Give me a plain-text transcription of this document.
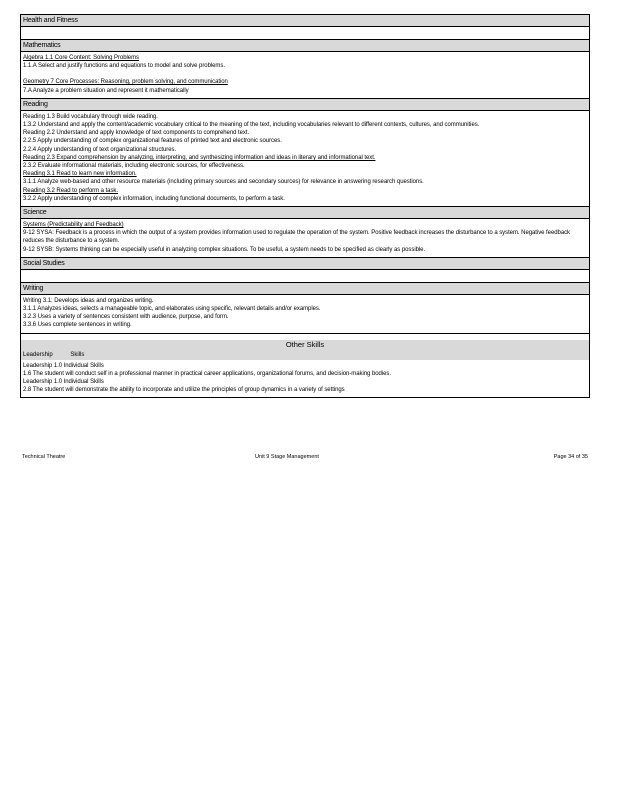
Health and Fitness
Mathematics
Algebra 1.1 Core Content: Solving Problems
1.1.A Select and justify functions and equations to model and solve problems.
Geometry 7 Core Processes: Reasoning, problem solving, and communication
7.A Analyze a problem situation and represent it mathematically
Reading
Reading 1.3 Build vocabulary through wide reading.
1.3.2 Understand and apply the content/academic vocabulary critical to the meaning of the text, including vocabularies relevant to different contexts, cultures, and communities.
Reading 2.2 Understand and apply knowledge of text components to comprehend text.
2.2.5 Apply understanding of complex organizational features of printed text and electronic sources.
2.2.4 Apply understanding of text organizational structures.
Reading 2.3 Expand comprehension by analyzing, interpreting, and synthesizing information and ideas in literary and informational text.
2.3.2 Evaluate informational materials, including electronic sources, for effectiveness.
Reading 3.1 Read to learn new information.
3.1.1 Analyze web-based and other resource materials (including primary sources and secondary sources) for relevance in answering research questions.
Reading 3.2 Read to perform a task.
3.2.2 Apply understanding of complex information, including functional documents, to perform a task.
Science
Systems (Predictability and Feedback)
9-12 SYSA: Feedback is a process in which the output of a system provides information used to regulate the operation of the system. Positive feedback increases the disturbance to a system. Negative feedback reduces the disturbance to a system.
9-12 SYSB: Systems thinking can be especially useful in analyzing complex situations. To be useful, a system needs to be specified as clearly as possible.
Social Studies
Writing
Writing 3.1: Develops ideas and organizes writing.
3.1.1 Analyzes ideas, selects a manageable topic, and elaborates using specific, relevant details and/or examples.
3.2.3 Uses a variety of sentences consistent with audience, purpose, and form.
3.3.6 Uses complete sentences in writing.
Other Skills
Leadership	Skills
Leadership 1.0 Individual Skills
1.6 The student will conduct self in a professional manner in practical career applications, organizational forums, and decision-making bodies.
Leadership 1.0 Individual Skills
2.8 The student will demonstrate the ability to incorporate and utilize the principles of group dynamics in a variety of settings
Technical Theatre	Unit 9 Stage Management	Page 34 of 35
